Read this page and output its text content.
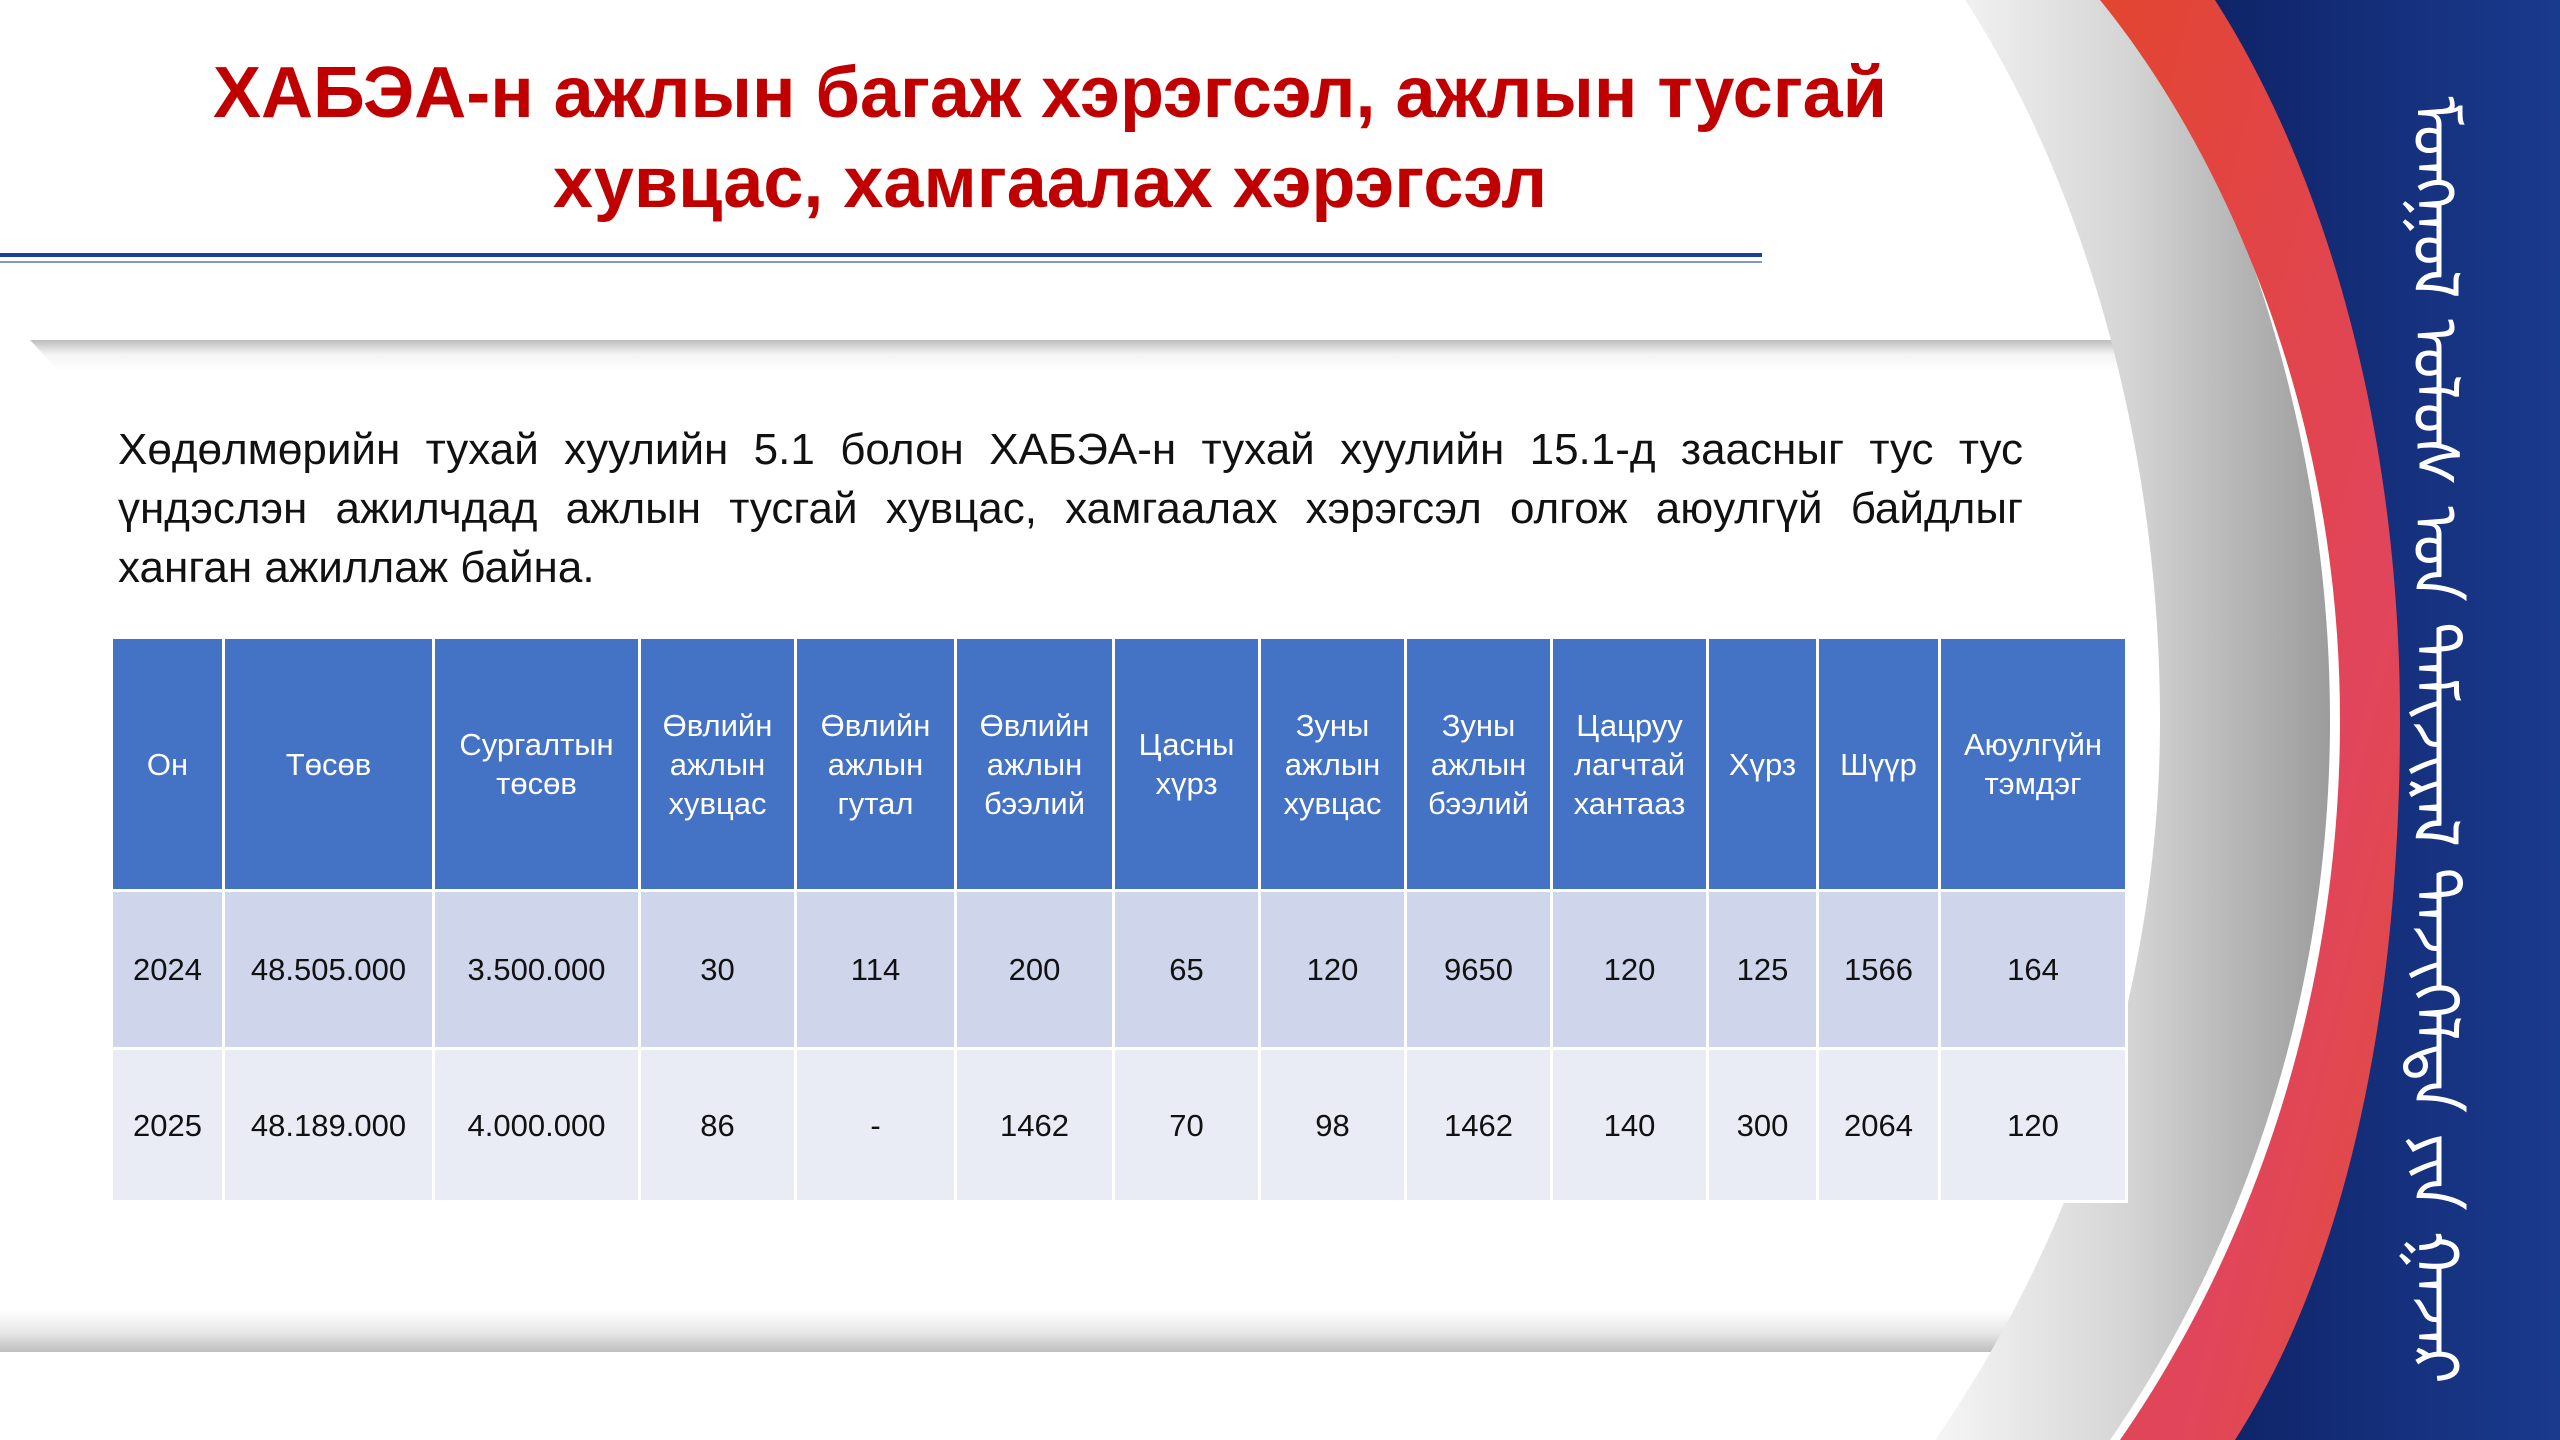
ХАБЭА-н ажлын багаж хэрэгсэл, ажлын тусгай
хувцас, хамгаалах хэрэгсэл
Хөдөлмөрийн тухай хуулийн 5.1 болон ХАБЭА-н тухай хуулийн 15.1-д заасныг тус тус үндэслэн ажилчдад ажлын тусгай хувцас, хамгаалах хэрэгсэл олгож аюулгүй байдлыг ханган ажиллаж байна.
Он	Төсөв	Сургалтын төсөв	Өвлийн ажлын хувцас	Өвлийн ажлын гутал	Өвлийн ажлын бээлий	Цасны хүрз	Зуны ажлын хувцас	Зуны ажлын бээлий	Цацруу лагчтай хантааз	Хүрз	Шүүр	Аюулгүйн тэмдэг
2024	48.505.000	3.500.000	30	114	200	65	120	9650	120	125	1566	164
2025	48.189.000	4.000.000	86	-	1462	70	98	1462	140	300	2064	120	ᠮᠣᠩᠭᠣᠯ ᠤᠯᠤᠰ ᠤᠨ ᠳᠡᠮᠢᠵᠢᠷᠡᠯ ᠲᠡᠵᠢᠭᠡᠯᠲᠡ ᠶᠢᠨ ᠭᠠᠵᠠᠷ
